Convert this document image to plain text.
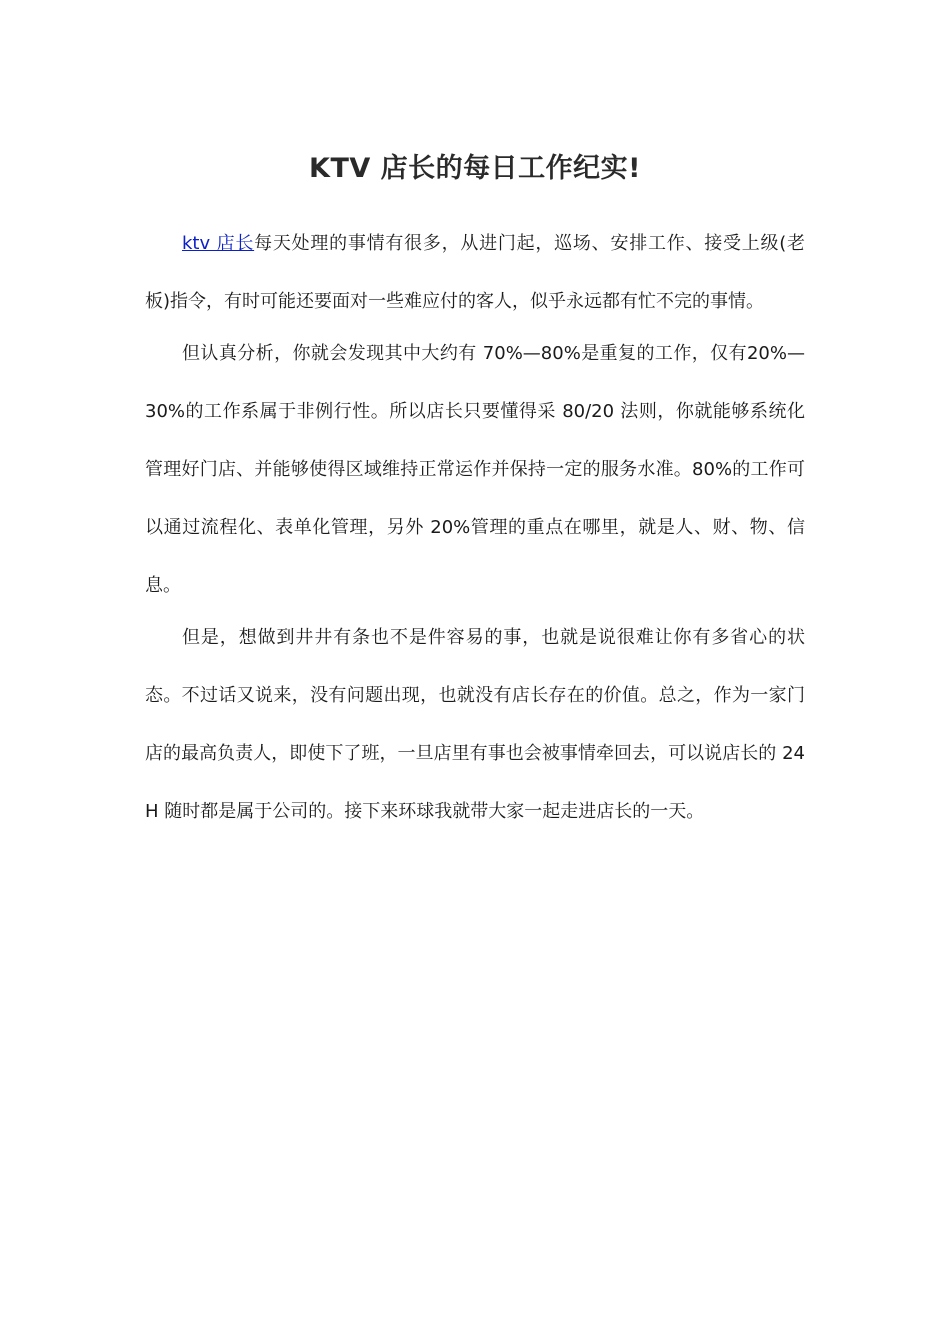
KTV 店长的每日工作纪实!

ktv 店长每天处理的事情有很多，从进门起，巡场、安排工作、接受上级(老板)指令，有时可能还要面对一些难应付的客人，似乎永远都有忙不完的事情。

但认真分析，你就会发现其中大约有 70%—80%是重复的工作，仅有20%—30%的工作系属于非例行性。所以店长只要懂得采 80/20 法则，你就能够系统化管理好门店、并能够使得区域维持正常运作并保持一定的服务水准。80%的工作可以通过流程化、表单化管理，另外 20%管理的重点在哪里，就是人、财、物、信息。

但是，想做到井井有条也不是件容易的事，也就是说很难让你有多省心的状态。不过话又说来，没有问题出现，也就没有店长存在的价值。总之，作为一家门店的最高负责人，即使下了班，一旦店里有事也会被事情牵回去，可以说店长的 24H 随时都是属于公司的。接下来环球我就带大家一起走进店长的一天。
